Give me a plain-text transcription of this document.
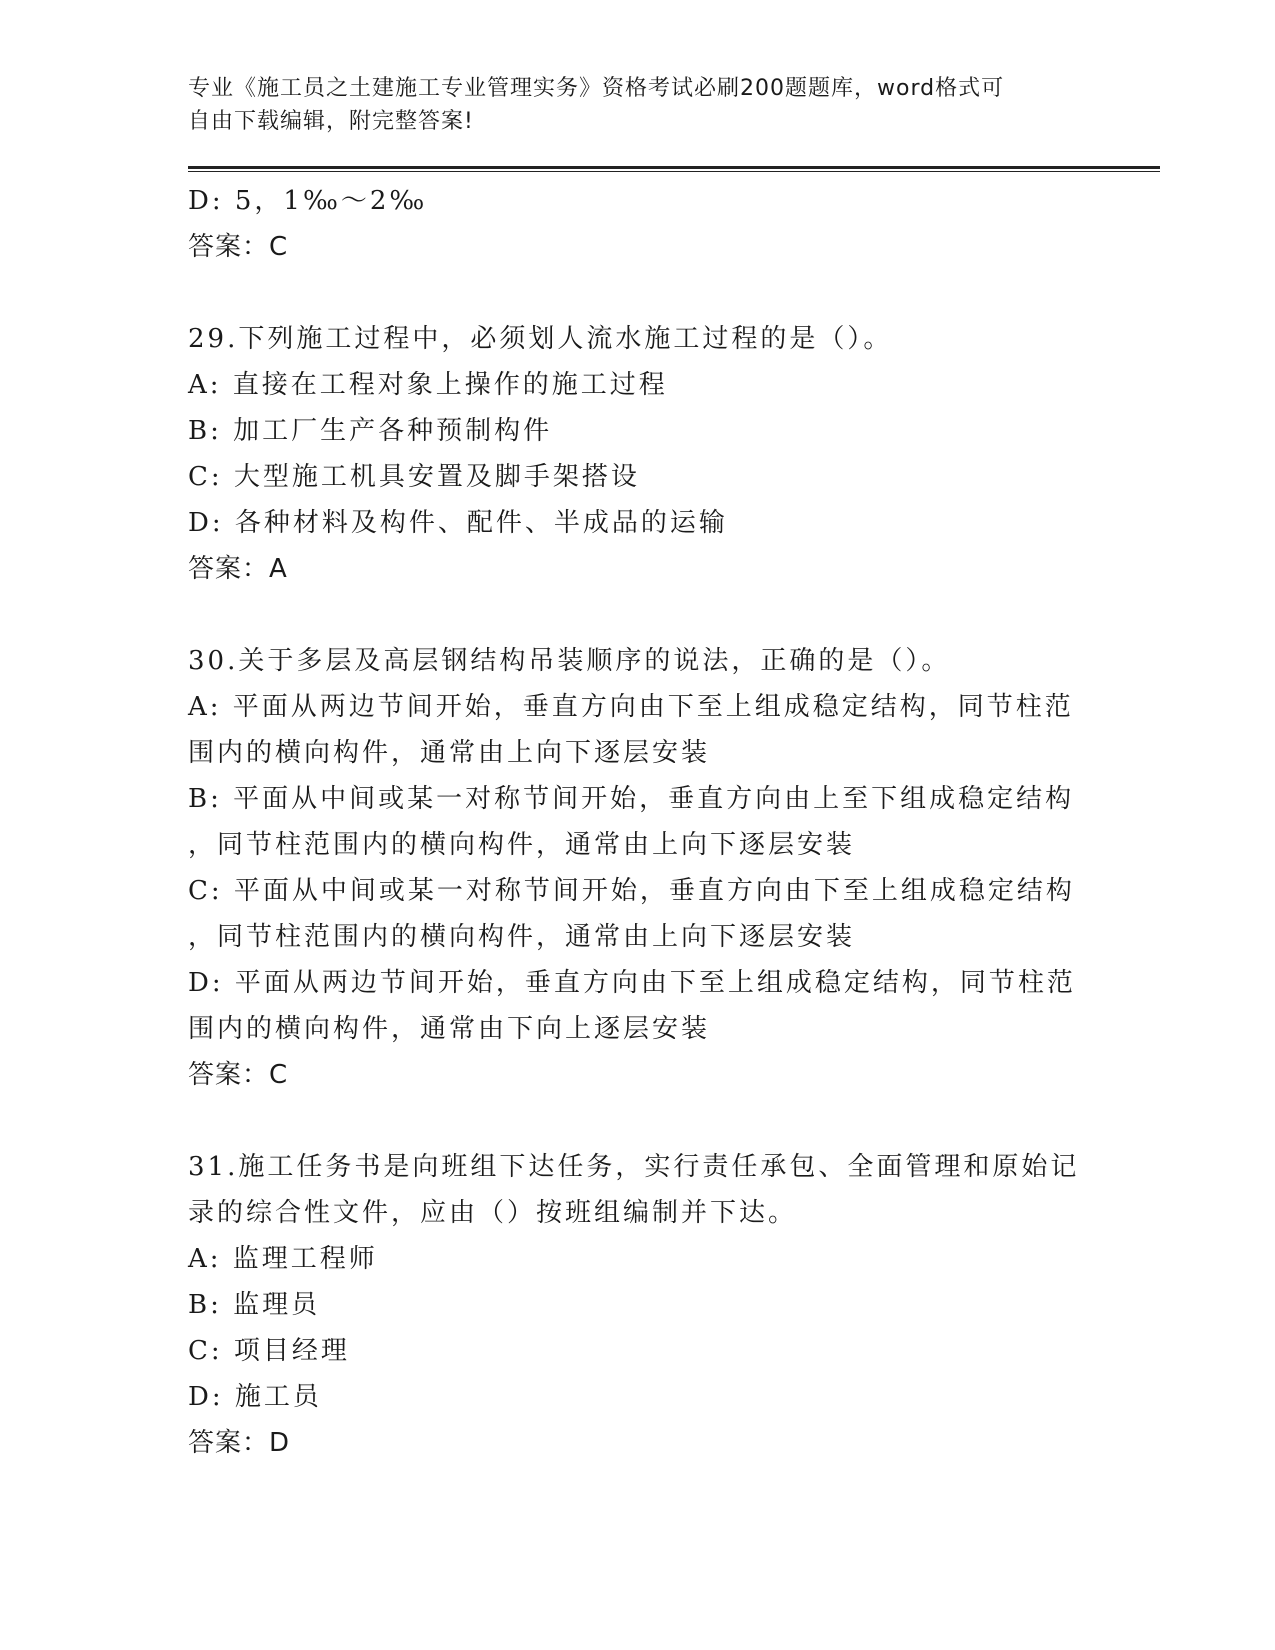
专业《施工员之土建施工专业管理实务》资格考试必刷200题题库，word格式可

自由下载编辑，附完整答案!

D: 5，1‰～2‰

答案：C

29.下列施工过程中，必须划人流水施工过程的是（）。

A: 直接在工程对象上操作的施工过程

B: 加工厂生产各种预制构件

C: 大型施工机具安置及脚手架搭设

D: 各种材料及构件、配件、半成品的运输

答案：A

30.关于多层及高层钢结构吊装顺序的说法，正确的是（）。

A: 平面从两边节间开始，垂直方向由下至上组成稳定结构，同节柱范

围内的横向构件，通常由上向下逐层安装

B: 平面从中间或某一对称节间开始，垂直方向由上至下组成稳定结构

，同节柱范围内的横向构件，通常由上向下逐层安装

C: 平面从中间或某一对称节间开始，垂直方向由下至上组成稳定结构

，同节柱范围内的横向构件，通常由上向下逐层安装

D: 平面从两边节间开始，垂直方向由下至上组成稳定结构，同节柱范

围内的横向构件，通常由下向上逐层安装

答案：C

31.施工任务书是向班组下达任务，实行责任承包、全面管理和原始记

录的综合性文件，应由（）按班组编制并下达。

A: 监理工程师

B: 监理员

C: 项目经理

D: 施工员

答案：D
